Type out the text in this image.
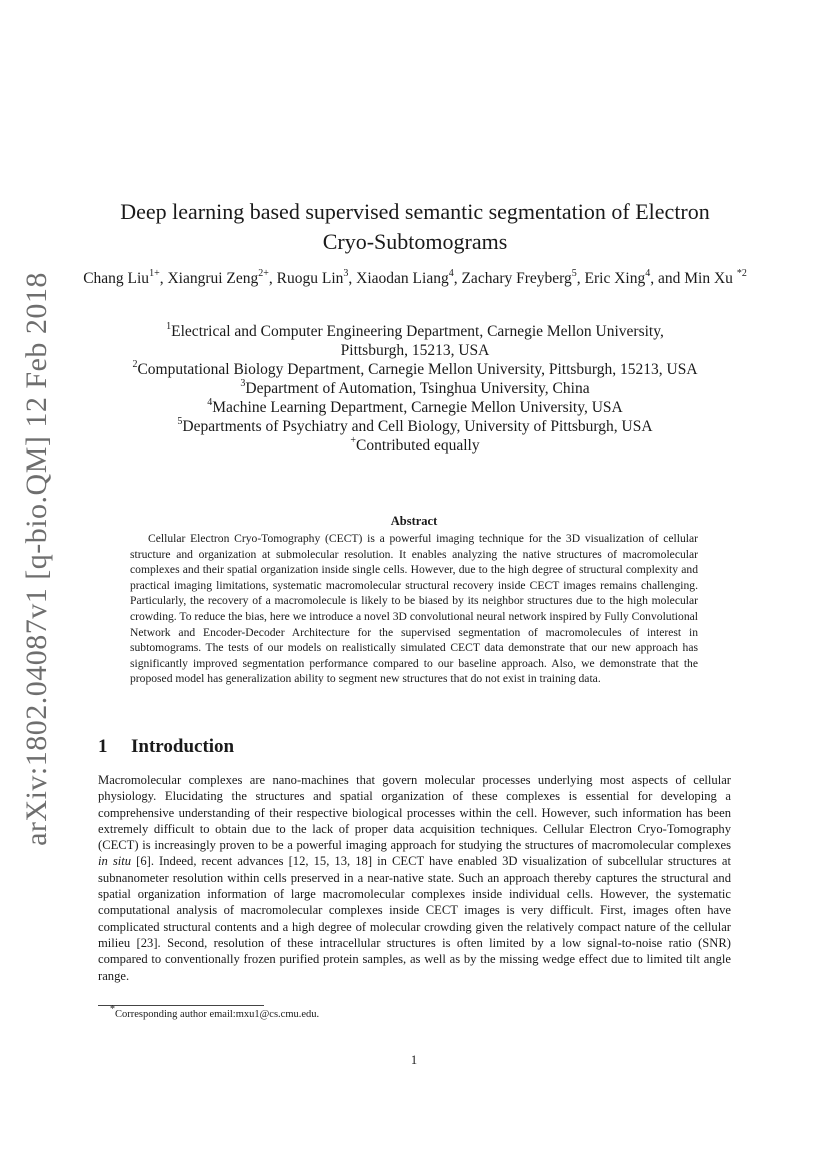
arXiv:1802.04087v1 [q-bio.QM] 12 Feb 2018
Deep learning based supervised semantic segmentation of Electron
Cryo-Subtomograms
Chang Liu$^{1+}$, Xiangrui Zeng$^{2+}$, Ruogu Lin$^3$, Xiaodan Liang$^4$, Zachary Freyberg$^5$, Eric Xing$^4$, and Min Xu $^{*2}$
$^1$Electrical and Computer Engineering Department, Carnegie Mellon University,
Pittsburgh, 15213, USA
$^2$Computational Biology Department, Carnegie Mellon University, Pittsburgh, 15213, USA
$^3$Department of Automation, Tsinghua University, China
$^4$Machine Learning Department, Carnegie Mellon University, USA
$^5$Departments of Psychiatry and Cell Biology, University of Pittsburgh, USA
+Contributed equally
Abstract
Cellular Electron Cryo-Tomography (CECT) is a powerful imaging technique for the 3D visualization of cellular structure and organization at submolecular resolution. It enables analyzing the native structures of macromolecular complexes and their spatial organization inside single cells. However, due to the high degree of structural complexity and practical imaging limitations, systematic macromolecular structural recovery inside CECT images remains challenging. Particularly, the recovery of a macromolecule is likely to be biased by its neighbor structures due to the high molecular crowding. To reduce the bias, here we introduce a novel 3D convolutional neural network inspired by Fully Convolutional Network and Encoder-Decoder Architecture for the supervised segmentation of macromolecules of interest in subtomograms. The tests of our models on realistically simulated CECT data demonstrate that our new approach has significantly improved segmentation performance compared to our baseline approach. Also, we demonstrate that the proposed model has generalization ability to segment new structures that do not exist in training data.
1 Introduction
Macromolecular complexes are nano-machines that govern molecular processes underlying most aspects of cellular physiology. Elucidating the structures and spatial organization of these complexes is essential for developing a comprehensive understanding of their respective biological processes within the cell. However, such information has been extremely difficult to obtain due to the lack of proper data acquisition techniques. Cellular Electron Cryo-Tomography (CECT) is increasingly proven to be a powerful imaging approach for studying the structures of macromolecular complexes in situ [6]. Indeed, recent advances [12, 15, 13, 18] in CECT have enabled 3D visualization of subcellular structures at subnanometer resolution within cells preserved in a near-native state. Such an approach thereby captures the structural and spatial organization information of large macromolecular complexes inside individual cells. However, the systematic computational analysis of macromolecular complexes inside CECT images is very difficult. First, images often have complicated structural contents and a high degree of molecular crowding given the relatively compact nature of the cellular milieu [23]. Second, resolution of these intracellular structures is often limited by a low signal-to-noise ratio (SNR) compared to conventionally frozen purified protein samples, as well as by the missing wedge effect due to limited tilt angle range.
*Corresponding author email:mxu1@cs.cmu.edu.
1
